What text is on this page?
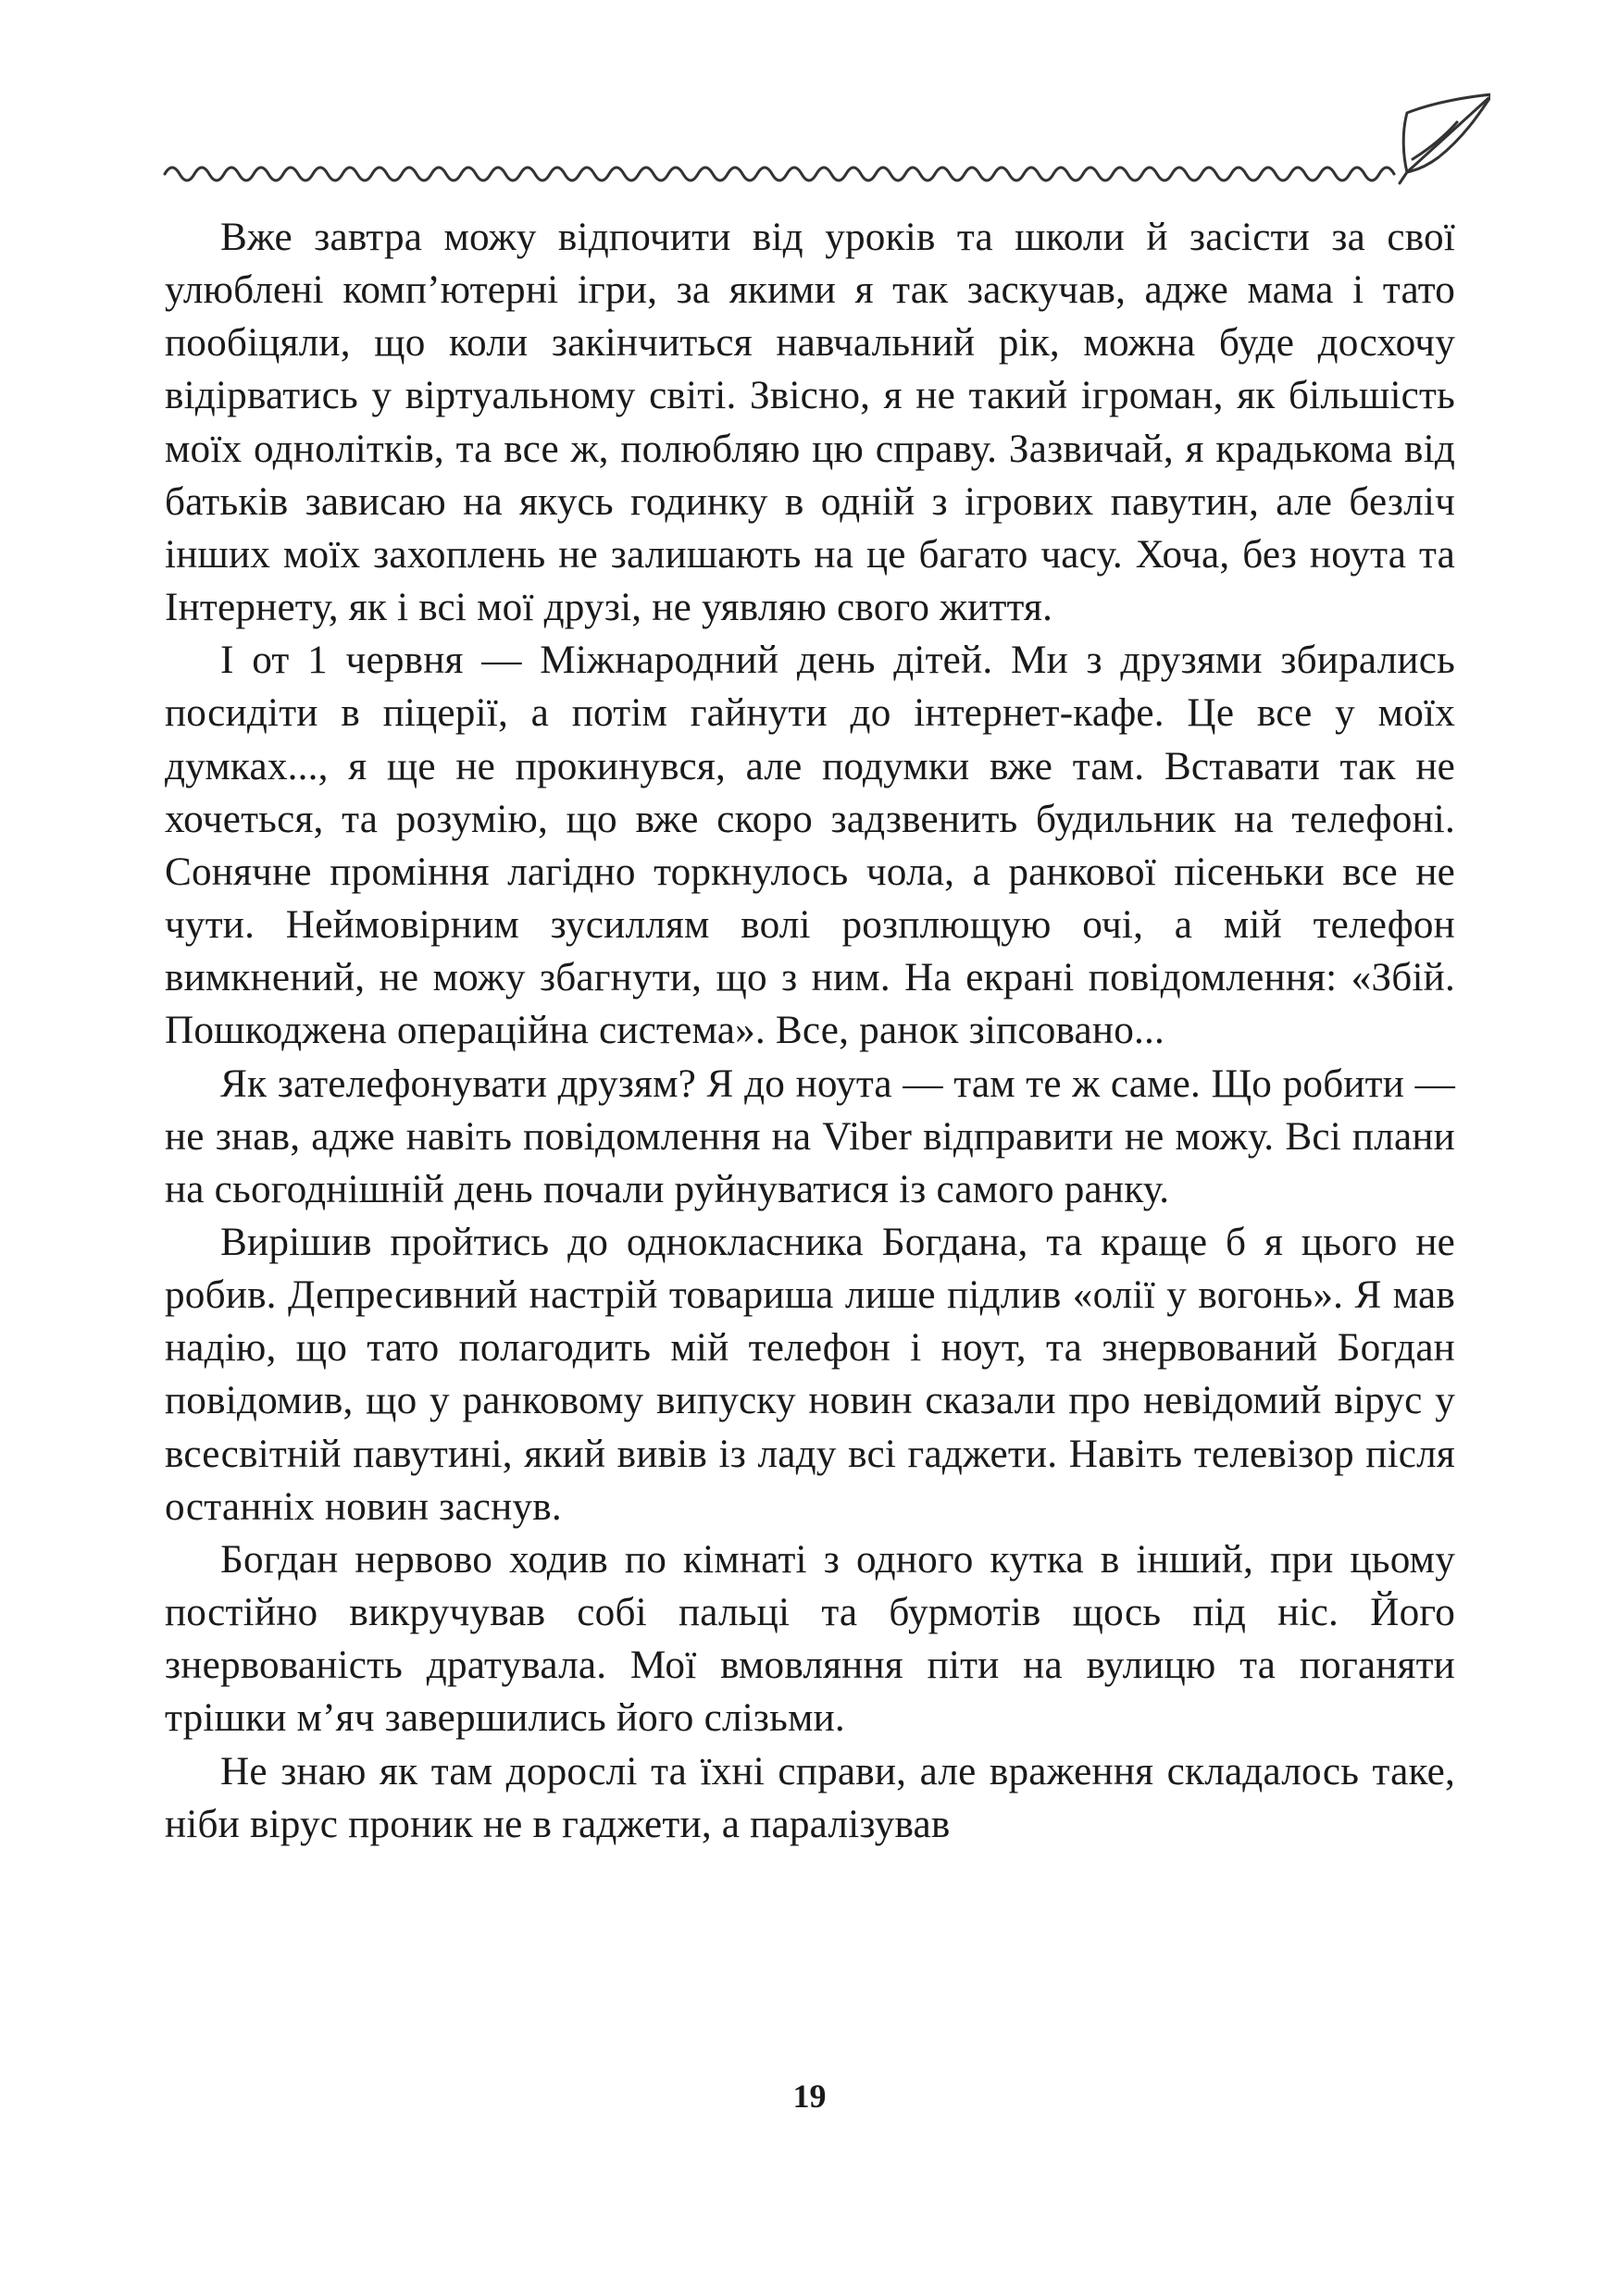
Вже завтра можу відпочити від уроків та школи й засісти за свої улюблені комп’ютерні ігри, за якими я так заскучав, адже мама і тато пообіцяли, що коли закінчиться навчальний рік, можна буде досхочу відірватись у віртуальному світі. Звісно, я не такий ігроман, як більшість моїх однoлітків, та все ж, полюбляю цю справу. Зазвичай, я крадькома від батьків зависаю на якусь годинку в одній з ігрових павутин, але безліч інших моїх захоплень не залишають на це багато часу. Хоча, без ноута та Інтернету, як і всі мої друзі, не уявляю свого життя.

І от 1 червня — Міжнародний день дітей. Ми з друзями збирались посидіти в піцерії, а потім гайнути до інтернет-кафе. Це все у моїх думках..., я ще не прокинувся, але подумки вже там. Вставати так не хочеться, та розумію, що вже скоро задзвенить будильник на телефоні. Сонячне проміння лагідно торкнулось чола, а ранкової пісеньки все не чути. Неймовірним зусиллям волі розплющую очі, а мій телефон вимкнений, не можу збагнути, що з ним. На екрані повідомлення: «Збій. Пошкоджена операційна система». Все, ранок зіпсовано...

Як зателефонувати друзям? Я до ноута — там те ж саме. Що робити — не знав, адже навіть повідомлення на Viber відправити не можу. Всі плани на сьогоднішній день почали руйнуватися із самого ранку.

Вирішив пройтись до однокласника Богдана, та краще б я цього не робив. Депресивний настрій товариша лише підлив «олії у вогонь». Я мав надію, що тато полагодить мій телефон і ноут, та знервований Богдан повідомив, що у ранковому випуску новин сказали про невідомий вірус у всесвітній павутині, який вивів із ладу всі гаджети. Навіть телевізор після останніх новин заснув.

Богдан нервово ходив по кімнаті з одного кутка в інший, при цьому постійно викручував собі пальці та бурмотів щось під ніс. Його знервованість дратувала. Мої вмовляння піти на вулицю та поганяти трішки м’яч завершились його слізьми.

Не знаю як там дорослі та їхні справи, але враження складалось таке, ніби вірус проник не в гаджети, а паралізував

19
